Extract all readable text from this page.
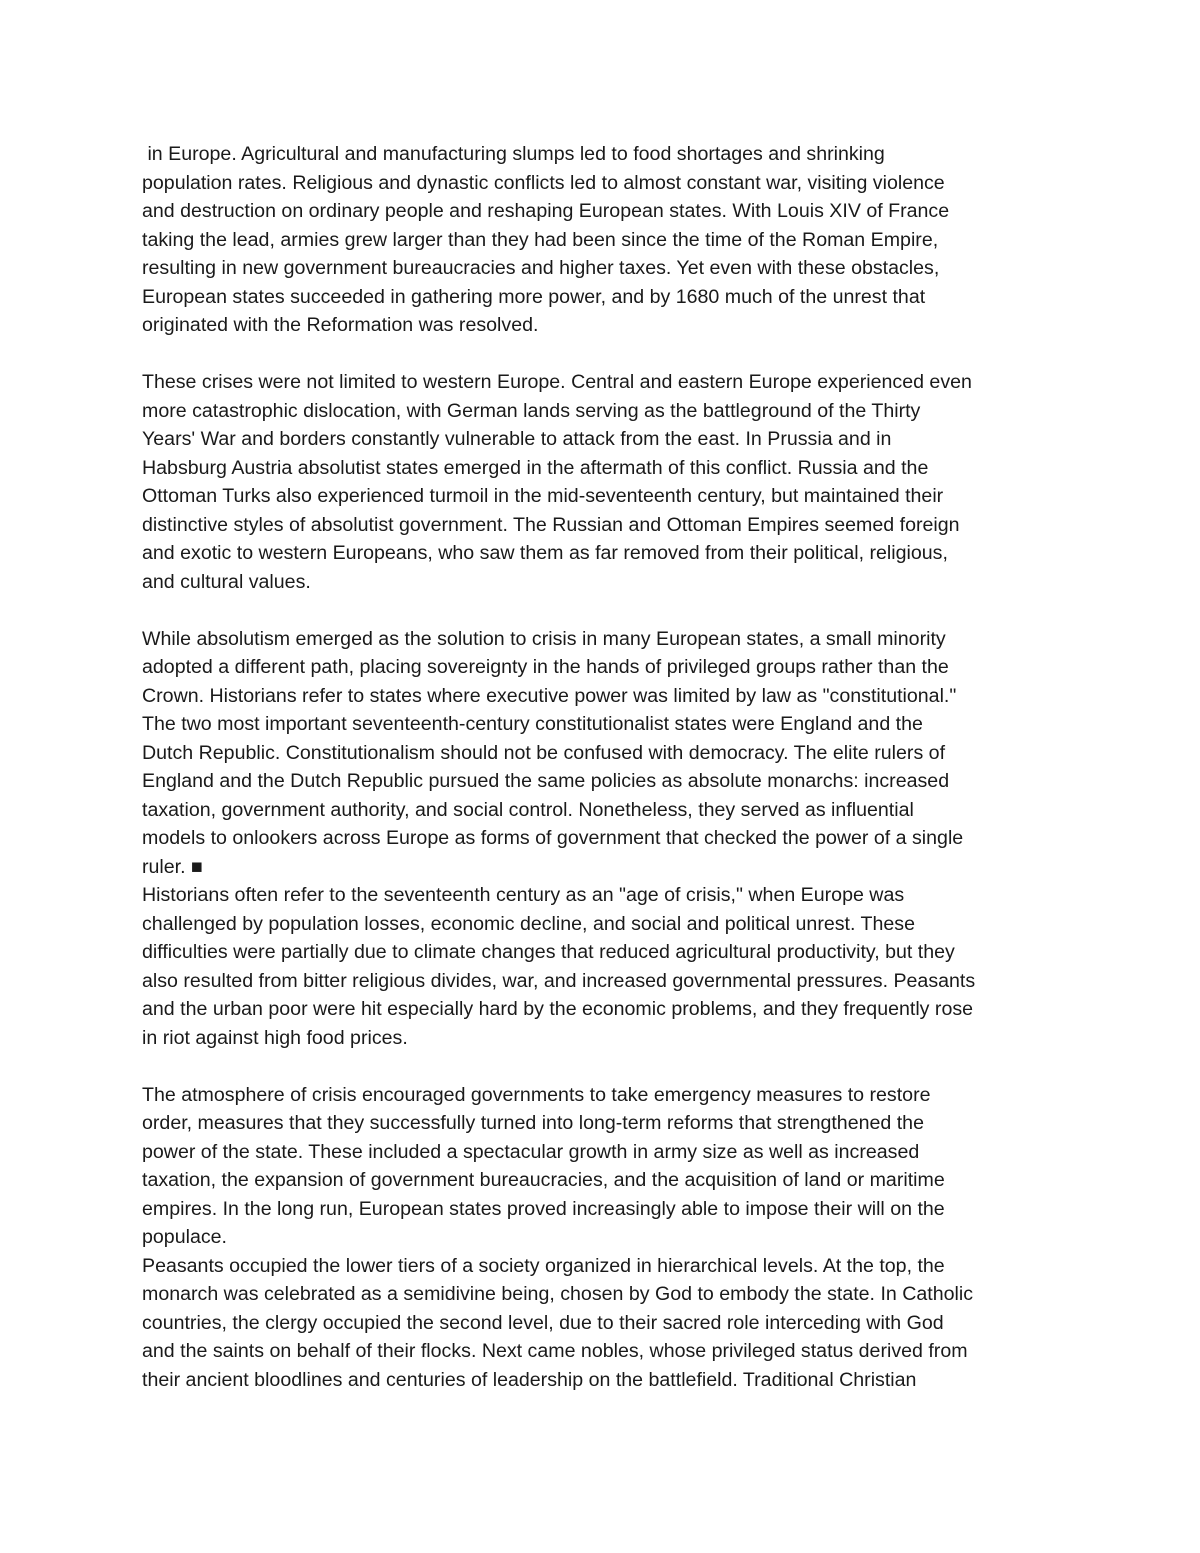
in Europe. Agricultural and manufacturing slumps led to food shortages and shrinking
population rates. Religious and dynastic conflicts led to almost constant war, visiting violence
and destruction on ordinary people and reshaping European states. With Louis XIV of France
taking the lead, armies grew larger than they had been since the time of the Roman Empire,
resulting in new government bureaucracies and higher taxes. Yet even with these obstacles,
European states succeeded in gathering more power, and by 1680 much of the unrest that
originated with the Reformation was resolved.
These crises were not limited to western Europe. Central and eastern Europe experienced even
more catastrophic dislocation, with German lands serving as the battleground of the Thirty
Years' War and borders constantly vulnerable to attack from the east. In Prussia and in
Habsburg Austria absolutist states emerged in the aftermath of this conflict. Russia and the
Ottoman Turks also experienced turmoil in the mid-seventeenth century, but maintained their
distinctive styles of absolutist government. The Russian and Ottoman Empires seemed foreign
and exotic to western Europeans, who saw them as far removed from their political, religious,
and cultural values.
While absolutism emerged as the solution to crisis in many European states, a small minority
adopted a different path, placing sovereignty in the hands of privileged groups rather than the
Crown. Historians refer to states where executive power was limited by law as "constitutional."
The two most important seventeenth-century constitutionalist states were England and the
Dutch Republic. Constitutionalism should not be confused with democracy. The elite rulers of
England and the Dutch Republic pursued the same policies as absolute monarchs: increased
taxation, government authority, and social control. Nonetheless, they served as influential
models to onlookers across Europe as forms of government that checked the power of a single
ruler. ■
Historians often refer to the seventeenth century as an "age of crisis," when Europe was
challenged by population losses, economic decline, and social and political unrest. These
difficulties were partially due to climate changes that reduced agricultural productivity, but they
also resulted from bitter religious divides, war, and increased governmental pressures. Peasants
and the urban poor were hit especially hard by the economic problems, and they frequently rose
in riot against high food prices.
The atmosphere of crisis encouraged governments to take emergency measures to restore
order, measures that they successfully turned into long-term reforms that strengthened the
power of the state. These included a spectacular growth in army size as well as increased
taxation, the expansion of government bureaucracies, and the acquisition of land or maritime
empires. In the long run, European states proved increasingly able to impose their will on the
populace.
Peasants occupied the lower tiers of a society organized in hierarchical levels. At the top, the
monarch was celebrated as a semidivine being, chosen by God to embody the state. In Catholic
countries, the clergy occupied the second level, due to their sacred role interceding with God
and the saints on behalf of their flocks. Next came nobles, whose privileged status derived from
their ancient bloodlines and centuries of leadership on the battlefield. Traditional Christian
